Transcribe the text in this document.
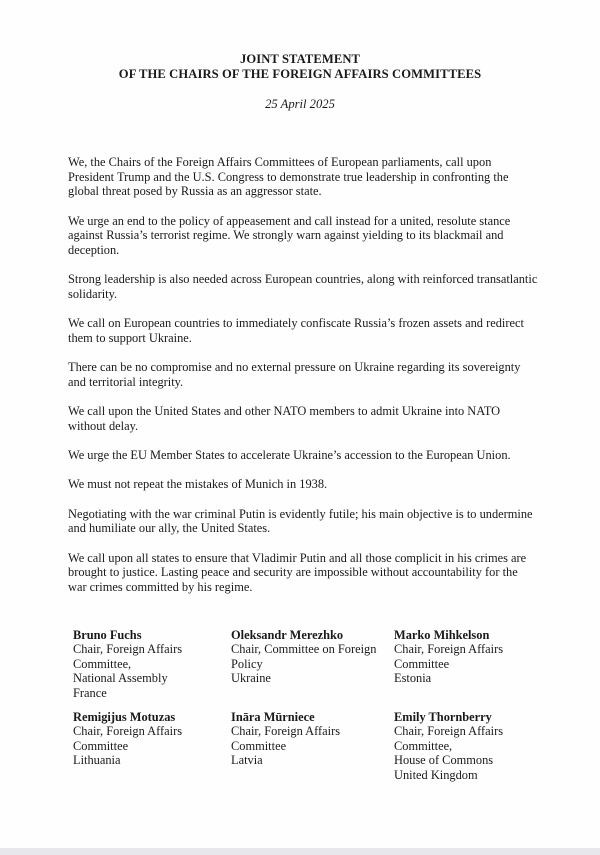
JOINT STATEMENT
OF THE CHAIRS OF THE FOREIGN AFFAIRS COMMITTEES
25 April 2025

We, the Chairs of the Foreign Affairs Committees of European parliaments, call upon President Trump and the U.S. Congress to demonstrate true leadership in confronting the global threat posed by Russia as an aggressor state.

We urge an end to the policy of appeasement and call instead for a united, resolute stance against Russia’s terrorist regime. We strongly warn against yielding to its blackmail and deception.

Strong leadership is also needed across European countries, along with reinforced transatlantic solidarity.

We call on European countries to immediately confiscate Russia’s frozen assets and redirect them to support Ukraine.

There can be no compromise and no external pressure on Ukraine regarding its sovereignty and territorial integrity.

We call upon the United States and other NATO members to admit Ukraine into NATO without delay.

We urge the EU Member States to accelerate Ukraine’s accession to the European Union.

We must not repeat the mistakes of Munich in 1938.

Negotiating with the war criminal Putin is evidently futile; his main objective is to undermine and humiliate our ally, the United States.

We call upon all states to ensure that Vladimir Putin and all those complicit in his crimes are brought to justice. Lasting peace and security are impossible without accountability for the war crimes committed by his regime.

Bruno Fuchs
Chair, Foreign Affairs
Committee,
National Assembly
France
Oleksandr Merezhko
Chair, Committee on Foreign
Policy
Ukraine
Marko Mihkelson
Chair, Foreign Affairs
Committee
Estonia
Remigijus Motuzas
Chair, Foreign Affairs
Committee
Lithuania
Ināra Mūrniece
Chair, Foreign Affairs
Committee
Latvia
Emily Thornberry
Chair, Foreign Affairs
Committee,
House of Commons
United Kingdom
